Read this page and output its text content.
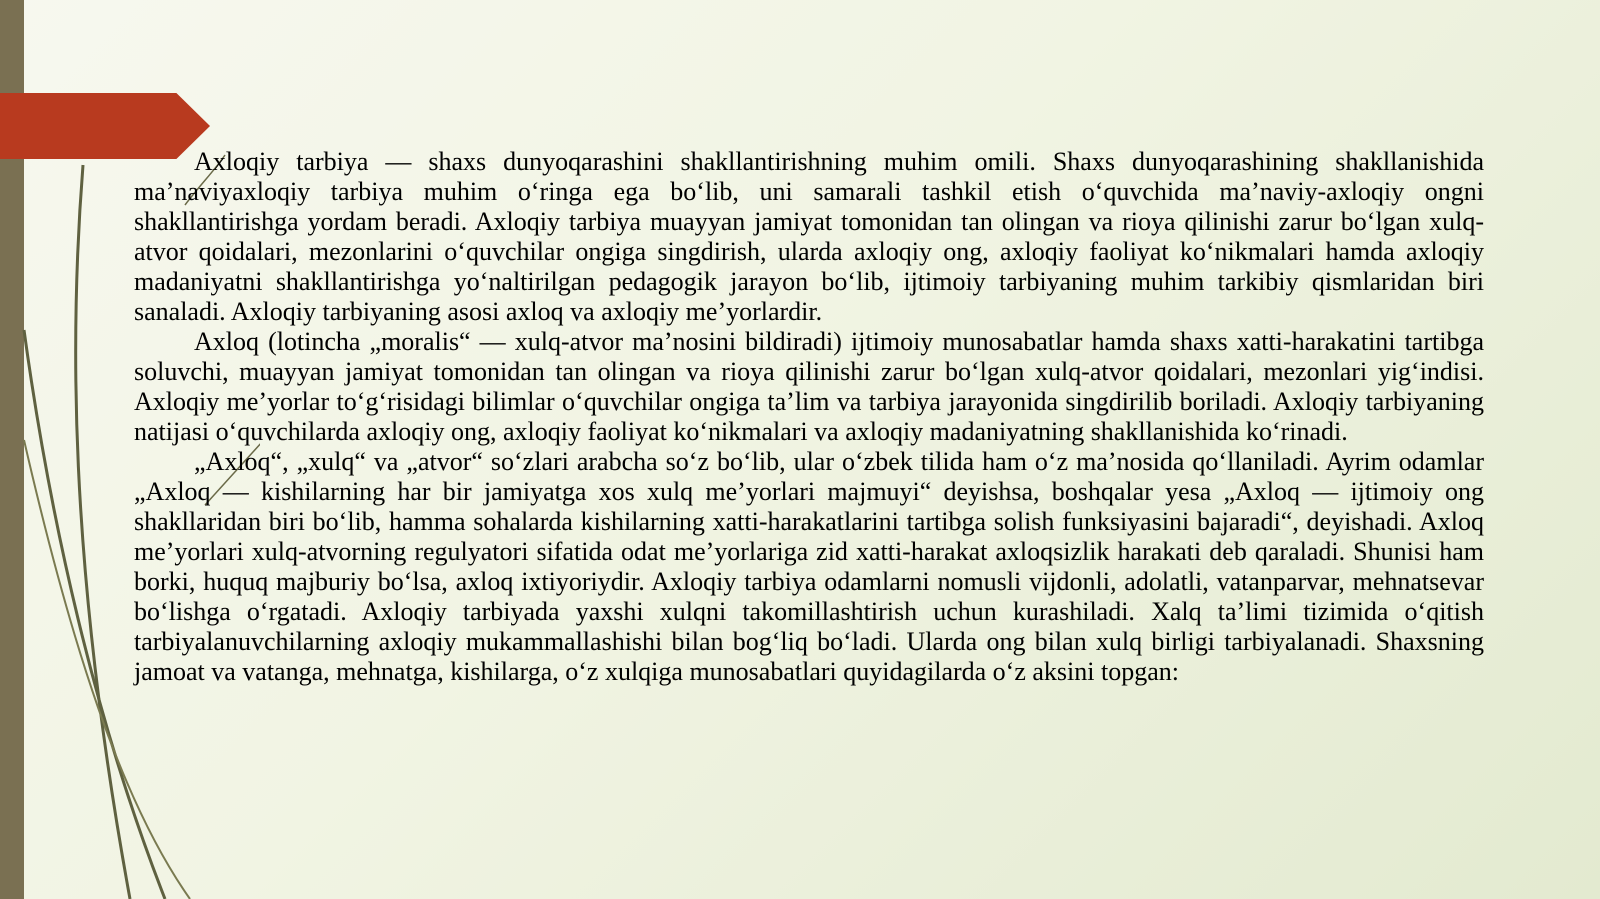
Axloqiy tarbiya — shaxs dunyoqarashini shakllantirishning muhim omili. Shaxs dunyoqarashining shakllanishida ma’naviyaxloqiy tarbiya muhim o‘ringa ega bo‘lib, uni samarali tashkil etish o‘quvchida ma’naviy-axloqiy ongni shakllantirishga yordam beradi. Axloqiy tarbiya muayyan jamiyat tomonidan tan olingan va rioya qilinishi zarur bo‘lgan xulq-atvor qoidalari, mezonlarini o‘quvchilar ongiga singdirish, ularda axloqiy ong, axloqiy faoliyat ko‘nikmalari hamda axloqiy madaniyatni shakllantirishga yo‘naltirilgan pedagogik jarayon bo‘lib, ijtimoiy tarbiyaning muhim tarkibiy qismlaridan biri sanaladi. Axloqiy tarbiyaning asosi axloq va axloqiy me’yorlardir.

Axloq (lotincha „moralis“ — xulq-atvor ma’nosini bildiradi) ijtimoiy munosabatlar hamda shaxs xatti-harakatini tartibga soluvchi, muayyan jamiyat tomonidan tan olingan va rioya qilinishi zarur bo‘lgan xulq-atvor qoidalari, mezonlari yig‘indisi. Axloqiy me’yorlar to‘g‘risidagi bilimlar o‘quvchilar ongiga ta’lim va tarbiya jarayonida singdirilib boriladi. Axloqiy tarbiyaning natijasi o‘quvchilarda axloqiy ong, axloqiy faoliyat ko‘nikmalari va axloqiy madaniyatning shakllanishida ko‘rinadi.

„Axloq“, „xulq“ va „atvor“ so‘zlari arabcha so‘z bo‘lib, ular o‘zbek tilida ham o‘z ma’nosida qo‘llaniladi. Ayrim odamlar „Axloq — kishilarning har bir jamiyatga xos xulq me’yorlari majmuyi“ deyishsa, boshqalar yesa „Axloq — ijtimoiy ong shakllaridan biri bo‘lib, hamma sohalarda kishilarning xatti-harakatlarini tartibga solish funksiyasini bajaradi“, deyishadi. Axloq me’yorlari xulq-atvorning regulyatori sifatida odat me’yorlariga zid xatti-harakat axloqsizlik harakati deb qaraladi. Shunisi ham borki, huquq majburiy bo‘lsa, axloq ixtiyoriydir. Axloqiy tarbiya odamlarni nomusli vijdonli, adolatli, vatanparvar, mehnatsevar bo‘lishga o‘rgatadi. Axloqiy tarbiyada yaxshi xulqni takomillashtirish uchun kurashiladi. Xalq ta’limi tizimida o‘qitish tarbiyalanuvchilarning axloqiy mukammallashishi bilan bog‘liq bo‘ladi. Ularda ong bilan xulq birligi tarbiyalanadi. Shaxsning jamoat va vatanga, mehnatga, kishilarga, o‘z xulqiga munosabatlari quyidagilarda o‘z aksini topgan:
